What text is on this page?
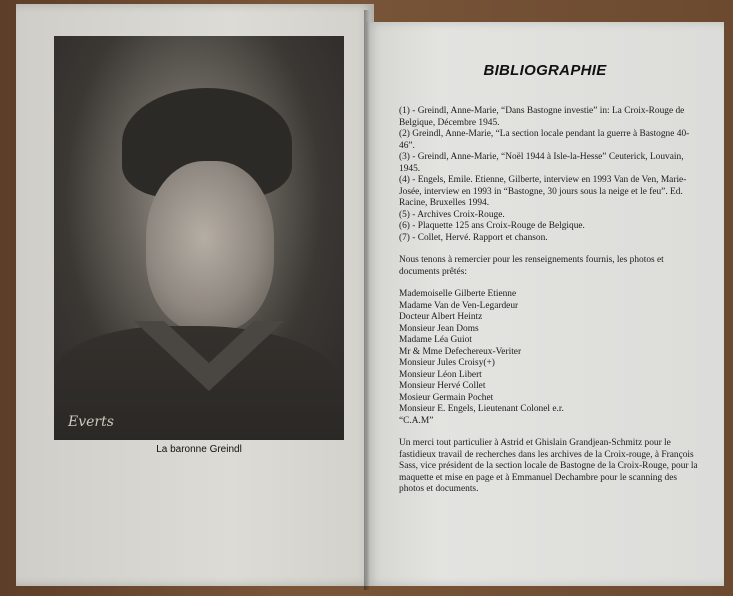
Everts
La baronne Greindl
BIBLIOGRAPHIE

(1) - Greindl, Anne-Marie, “Dans Bastogne investie” in: La Croix-Rouge de Belgique, Décembre 1945.

(2) Greindl, Anne-Marie, “La section locale pendant la guerre à Bastogne 40-46”.

(3) - Greindl, Anne-Marie, “Noël 1944 à Isle-la-Hesse” Ceuterick, Louvain, 1945.

(4) - Engels, Emile. Etienne, Gilberte, interview en 1993 Van de Ven, Marie-Josée, interview en 1993 in “Bastogne, 30 jours sous la neige et le feu”. Ed. Racine, Bruxelles 1994.

(5) - Archives Croix-Rouge.

(6) - Plaquette 125 ans Croix-Rouge de Belgique.

(7) - Collet, Hervé. Rapport et chanson.

Nous tenons à remercier pour les renseignements fournis, les photos et documents prêtés:

Mademoiselle Gilberte Etienne

Madame Van de Ven-Legardeur

Docteur Albert Heintz

Monsieur Jean Doms

Madame Léa Guiot

Mr & Mme Defechereux-Veriter

Monsieur Jules Croisy(+)

Monsieur Léon Libert

Monsieur Hervé Collet

Mosieur Germain Pochet

Monsieur E. Engels, Lieutenant Colonel e.r.

“C.A.M”

Un merci tout particulier à Astrid et Ghislain Grandjean-Schmitz pour le fastidieux travail de recherches dans les archives de la Croix-rouge, à François Sass, vice président de la section locale de Bastogne de la Croix-Rouge, pour la maquette et mise en page et à Emmanuel Dechambre pour le scanning des photos et documents.
